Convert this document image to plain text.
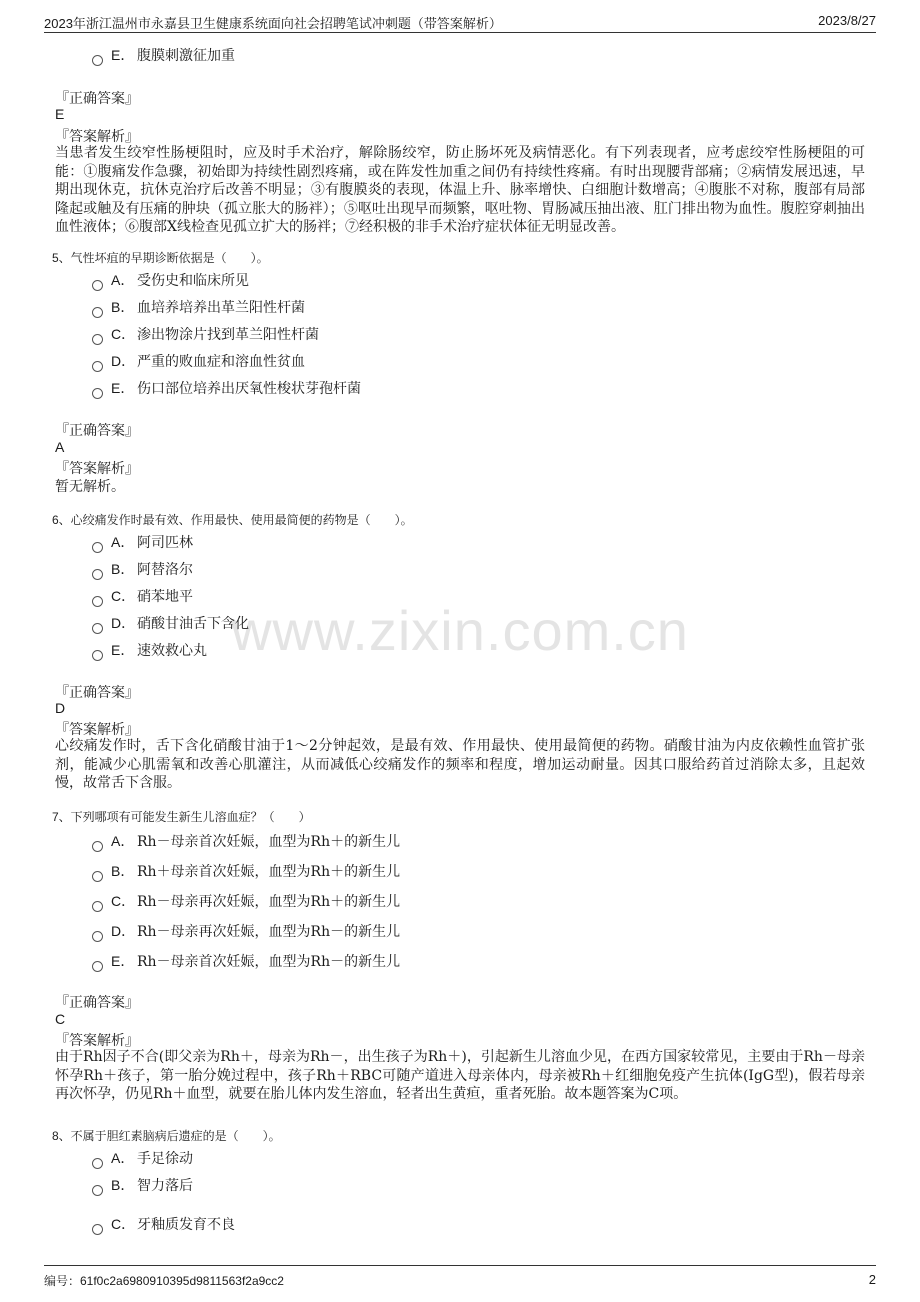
2023年浙江温州市永嘉县卫生健康系统面向社会招聘笔试冲刺题（带答案解析）	2023/8/27
www.zixin.com.cn
E． 腹膜刺激征加重
『正确答案』
E
『答案解析』
当患者发生绞窄性肠梗阻时，应及时手术治疗，解除肠绞窄，防止肠坏死及病情恶化。有下列表现者，应考虑绞窄性肠梗阻的可能：①腹痛发作急骤，初始即为持续性剧烈疼痛，或在阵发性加重之间仍有持续性疼痛。有时出现腰背部痛；②病情发展迅速，早期出现休克，抗休克治疗后改善不明显；③有腹膜炎的表现，体温上升、脉率增快、白细胞计数增高；④腹胀不对称，腹部有局部隆起或触及有压痛的肿块（孤立胀大的肠袢）；⑤呕吐出现早而频繁，呕吐物、胃肠减压抽出液、肛门排出物为血性。腹腔穿刺抽出血性液体；⑥腹部X线检查见孤立扩大的肠袢；⑦经积极的非手术治疗症状体征无明显改善。
5、气性坏疽的早期诊断依据是（　　）。
A． 受伤史和临床所见
B． 血培养培养出革兰阳性杆菌
C． 渗出物涂片找到革兰阳性杆菌
D． 严重的败血症和溶血性贫血
E． 伤口部位培养出厌氧性梭状芽孢杆菌
『正确答案』
A
『答案解析』
暂无解析。
6、心绞痛发作时最有效、作用最快、使用最简便的药物是（　　）。
A． 阿司匹林
B． 阿替洛尔
C． 硝苯地平
D． 硝酸甘油舌下含化
E． 速效救心丸
『正确答案』
D
『答案解析』
心绞痛发作时，舌下含化硝酸甘油于1～2分钟起效，是最有效、作用最快、使用最简便的药物。硝酸甘油为内皮依赖性血管扩张剂，能减少心肌需氧和改善心肌灌注，从而减低心绞痛发作的频率和程度，增加运动耐量。因其口服给药首过消除太多，且起效慢，故常舌下含服。
7、下列哪项有可能发生新生儿溶血症？（　　）
A． Rh－母亲首次妊娠，血型为Rh＋的新生儿
B． Rh＋母亲首次妊娠，血型为Rh＋的新生儿
C． Rh－母亲再次妊娠，血型为Rh＋的新生儿
D． Rh－母亲再次妊娠，血型为Rh－的新生儿
E． Rh－母亲首次妊娠，血型为Rh－的新生儿
『正确答案』
C
『答案解析』
由于Rh因子不合(即父亲为Rh＋，母亲为Rh－，出生孩子为Rh＋)，引起新生儿溶血少见，在西方国家较常见，主要由于Rh－母亲怀孕Rh＋孩子，第一胎分娩过程中，孩子Rh＋RBC可随产道进入母亲体内，母亲被Rh＋红细胞免疫产生抗体(IgG型)，假若母亲再次怀孕，仍见Rh＋血型，就要在胎儿体内发生溶血，轻者出生黄疸，重者死胎。故本题答案为C项。
8、不属于胆红素脑病后遗症的是（　　）。
A． 手足徐动
B． 智力落后
C． 牙釉质发育不良
编号：61f0c2a6980910395d9811563f2a9cc2	2
